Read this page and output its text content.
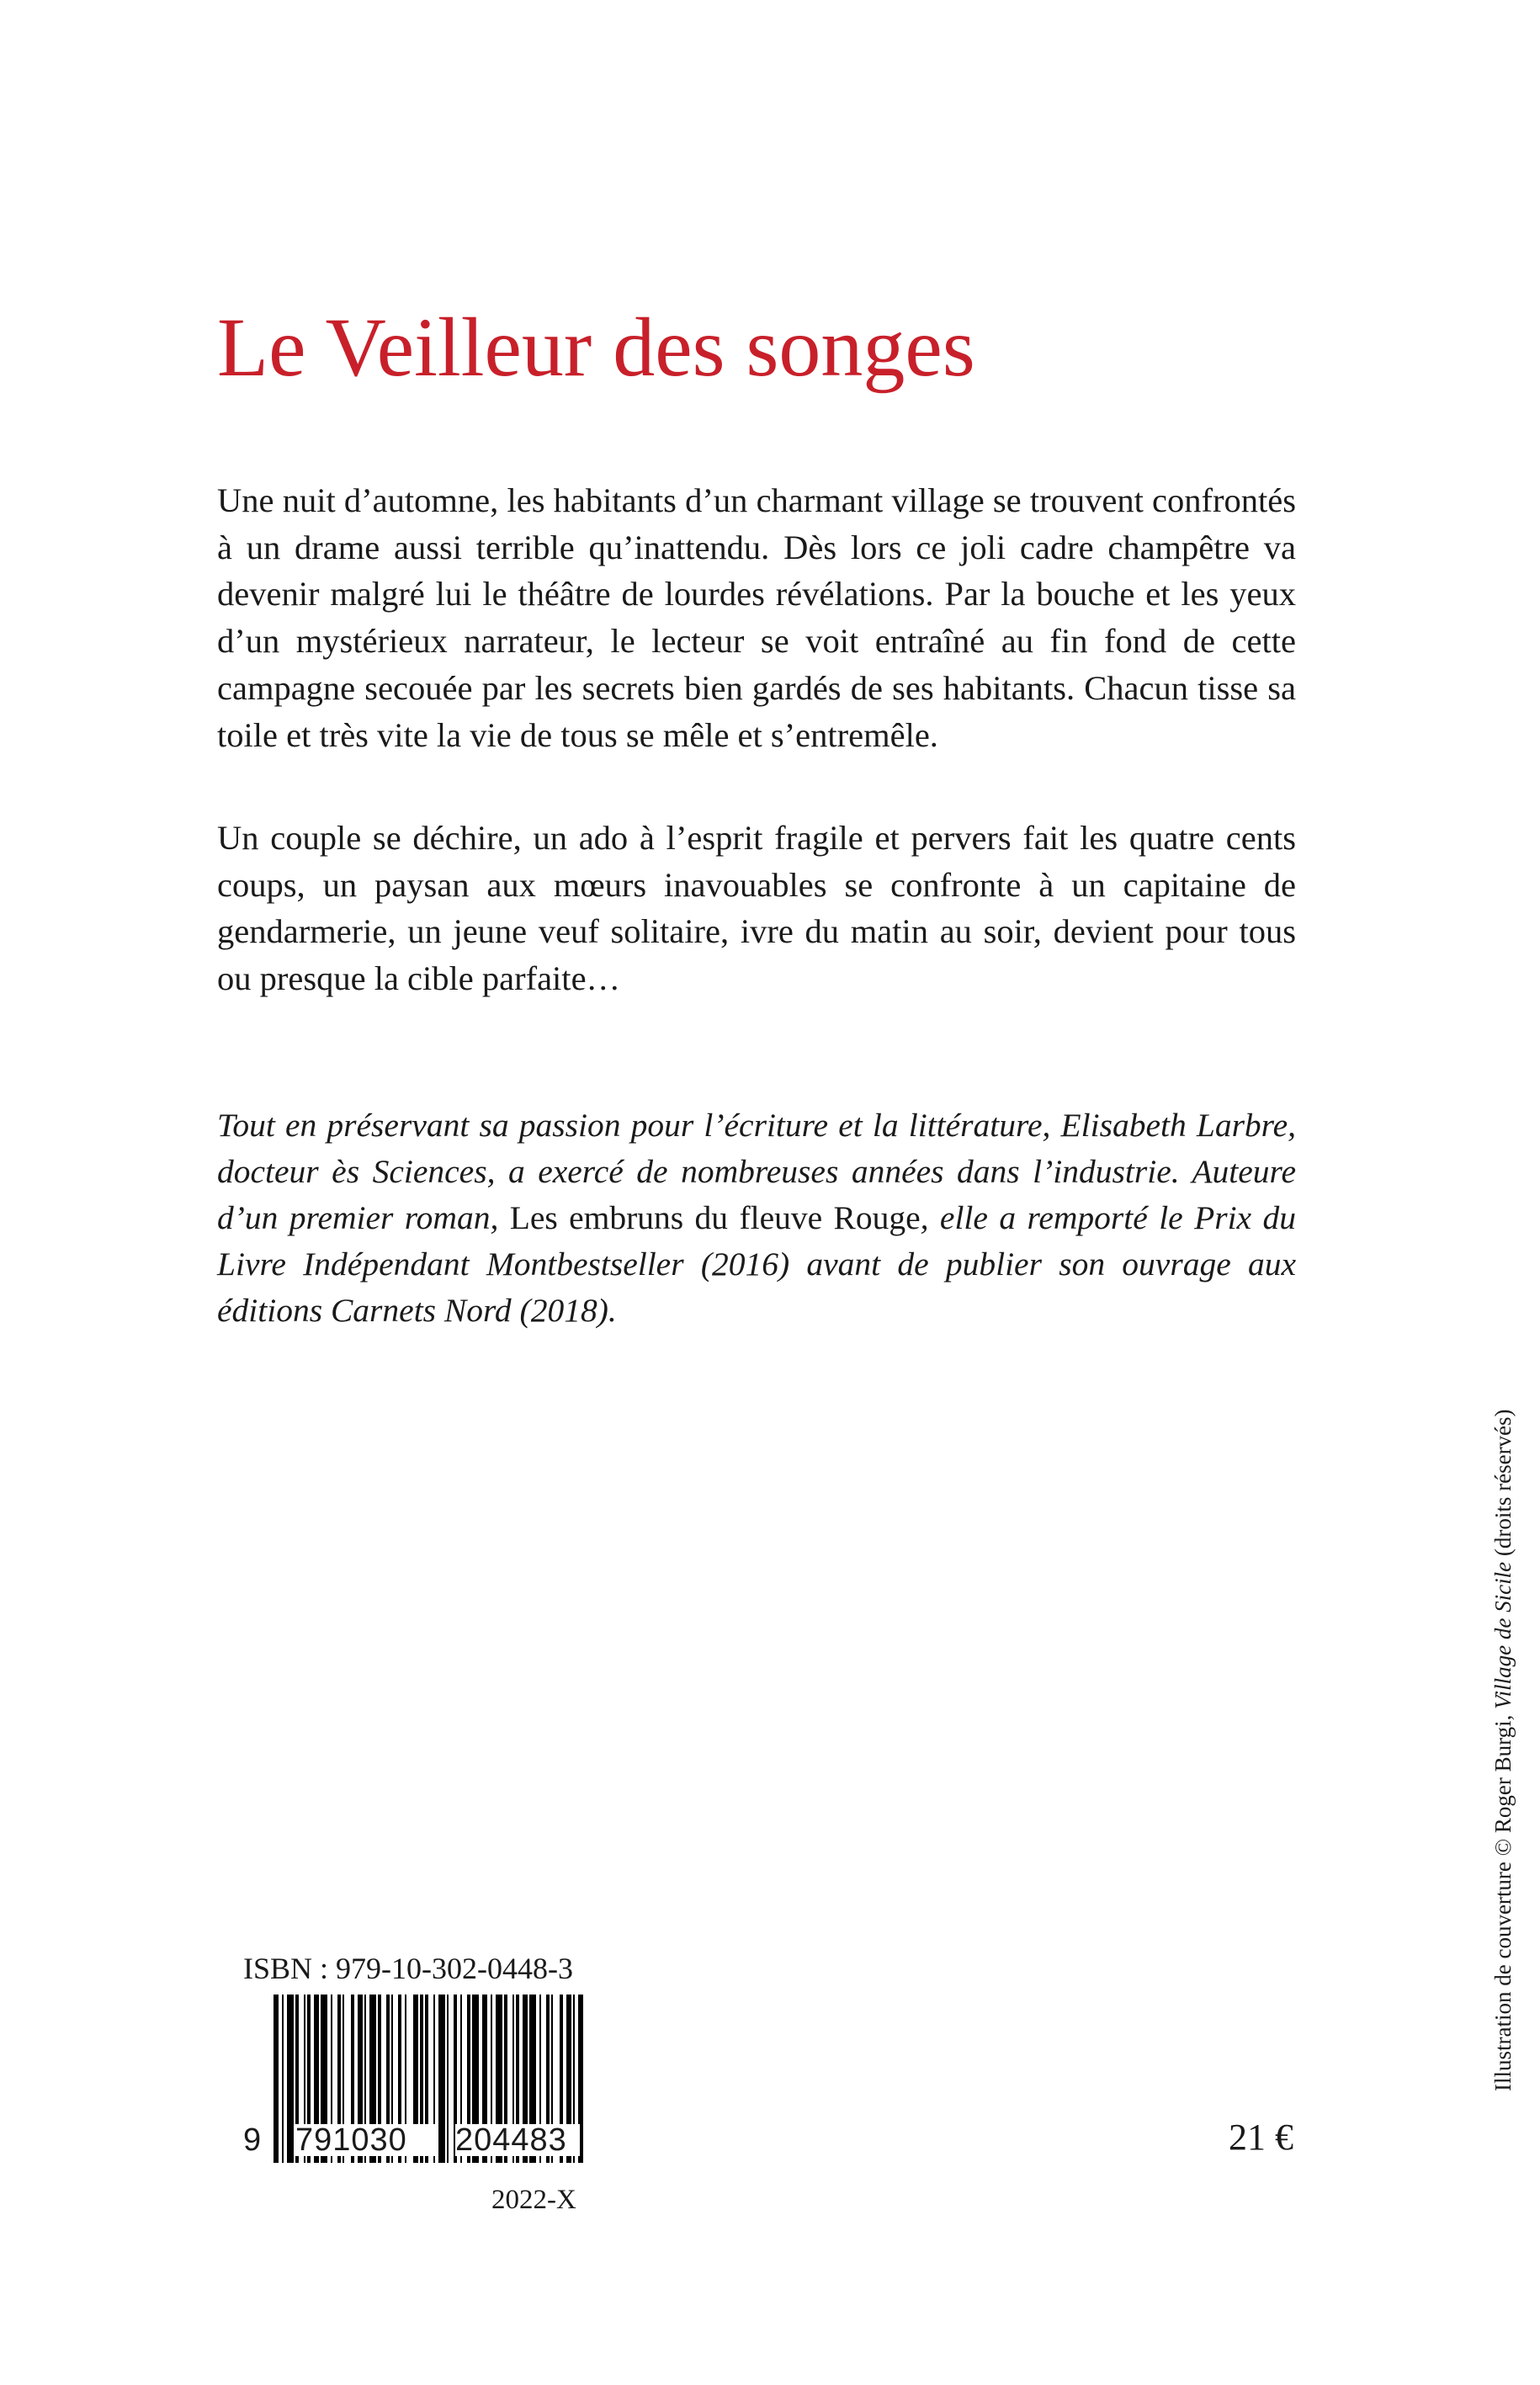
Le Veilleur des songes

Une nuit d’automne, les habitants d’un charmant village se trouvent confrontés à un drame aussi terrible qu’inattendu. Dès lors ce joli cadre champêtre va devenir malgré lui le théâtre de lourdes révélations. Par la bouche et les yeux d’un mystérieux narrateur, le lecteur se voit entraîné au fin fond de cette campagne secouée par les secrets bien gardés de ses habitants. Chacun tisse sa toile et très vite la vie de tous se mêle et s’entremêle.

Un couple se déchire, un ado à l’esprit fragile et pervers fait les quatre cents coups, un paysan aux mœurs inavouables se confronte à un capitaine de gendarmerie, un jeune veuf solitaire, ivre du matin au soir, devient pour tous ou presque la cible parfaite…

Tout en préservant sa passion pour l’écriture et la littérature, Elisabeth Larbre, docteur ès Sciences, a exercé de nombreuses années dans l’industrie. Auteure d’un premier roman, Les embruns du fleuve Rouge, elle a remporté le Prix du Livre Indépendant Montbestseller (2016) avant de publier son ouvrage aux éditions Carnets Nord (2018).

Illustration de couverture © Roger Burgi, Village de Sicile (droits réservés)
ISBN : 979-10-302-0448-3
9 791030	204483
2022-X
21 €
